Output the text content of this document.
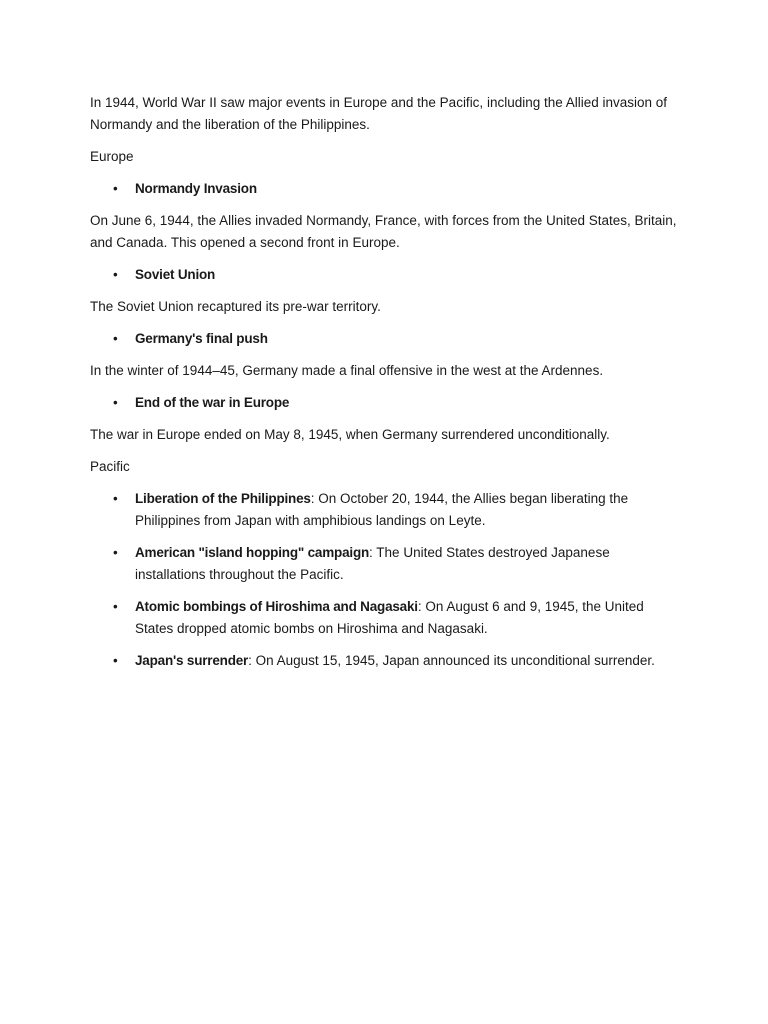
In 1944, World War II saw major events in Europe and the Pacific, including the Allied invasion of Normandy and the liberation of the Philippines.

Europe

• Normandy Invasion

On June 6, 1944, the Allies invaded Normandy, France, with forces from the United States, Britain, and Canada. This opened a second front in Europe.

• Soviet Union

The Soviet Union recaptured its pre-war territory.

• Germany's final push

In the winter of 1944–45, Germany made a final offensive in the west at the Ardennes.

• End of the war in Europe

The war in Europe ended on May 8, 1945, when Germany surrendered unconditionally.

Pacific

• Liberation of the Philippines: On October 20, 1944, the Allies began liberating the Philippines from Japan with amphibious landings on Leyte.
• American "island hopping" campaign: The United States destroyed Japanese installations throughout the Pacific.
• Atomic bombings of Hiroshima and Nagasaki: On August 6 and 9, 1945, the United States dropped atomic bombs on Hiroshima and Nagasaki.
• Japan's surrender: On August 15, 1945, Japan announced its unconditional surrender.
